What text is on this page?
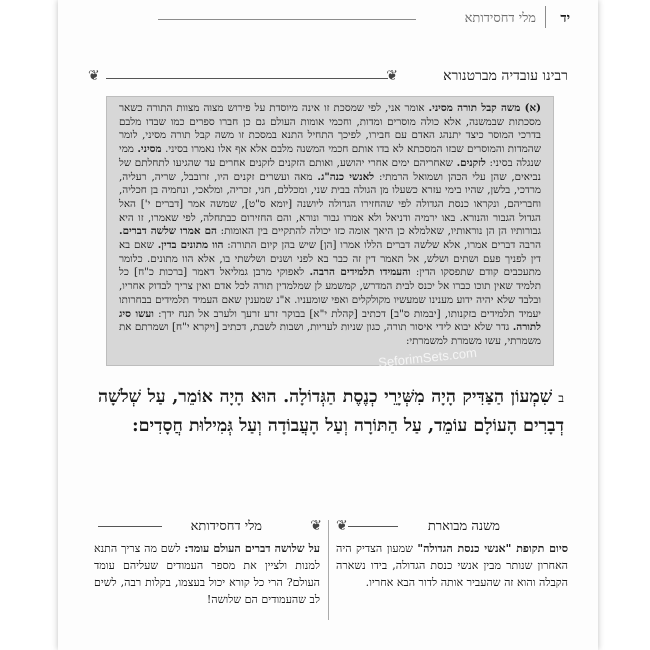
יד
מלי דחסידותא
רבינו עובדיה מברטנורא
❦	❦

(א) משה קבל תורה מסיני. אומר אני, לפי שמסכת זו אינה מיוסדת על פירוש מצוה מצוות התורה כשאר מסכתות שבמשנה, אלא כולה מוסרים ומדות, וחכמי אומות העולם גם כן חברו ספרים כמו שבדו מלבם בדרכי המוסר כיצד יתנהג האדם עם חבירו, לפיכך התחיל התנא במסכת זו משה קבל תורה מסיני, לומר שהמדות והמוסרים שבזו המסכתא לא בדו אותם חכמי המשנה מלבם אלא אף אלו נאמרו בסיני. מסיני. ממי שנגלה בסיני: לזקנים. שאחריהם ימים אחרי יהושע, ואותם הזקנים לזקנים אחרים עד שהגיעו לתחלתם של נביאים, שהן עלי הכהן ושמואל הרמתי: לאנשי כנה"ג. מאה ועשרים זקנים היו, זרובבל, שריה, רעליה, מרדכי, בלשן, שהיו בימי עזרא כשעלו מן הגולה בבית שני, ומכללם, חגי, זכריה, ומלאכי, ונחמיה בן חכליה, וחבריהם, ונקראו כנסת הגדולה לפי שהחזירו הגדולה ליושנה [יומא ס"ט], שמשה אמר [דברים י'] האל הגדול הגבור והנורא. באו ירמיה ודניאל ולא אמרו גבור ונורא, והם החזירום כבתחלה, לפי שאמרו, זו היא גבורותיו הן הן נוראותיו, שאלמלא כן היאך אומה כזו יכולה להתקיים בין האומות: הם אמרו שלשה דברים. הרבה דברים אמרו, אלא שלשה דברים הללו אמרו [הן] שיש בהן קיום התורה: הוו מתונים בדין. שאם בא דין לפניך פעם ושתים ושלש, אל תאמר דין זה כבר בא לפני ושנים ושלשתי בו, אלא הוו מתונים. כלומר מתעכבים קודם שתפסקו הדין: והעמידו תלמידים הרבה. לאפוקי מרבן גמליאל דאמר [ברכות כ"ח] כל תלמיד שאין תוכו כברו אל יכנס לבית המדרש, קמשמע לן שמלמדין תורה לכל אדם ואין צריך לבדוק אחריו, ובלבד שלא יהיה ידוע מענינו שמעשיו מקולקלים ואפי שומעניו. א"נ שמענין שאם העמיד תלמידים בבחרותו יעמיד תלמידים בזקנותו, [יבמות ס"ב] דכתיב [קהלת י"א] בבוקר זרע זרעך ולערב אל תנח ידך: ועשו סיג לתורה. גדר שלא יבוא לידי איסור תורה, כגון שניות לעריות, ושבות לשבת, דכתיב [ויקרא י"ח] ושמרתם את משמרתי, עשו משמרת למשמרתי:

SeforimSets.com
בשִׁמְעוֹן הַצַּדִּיק הָיָה מִשְּׁיָרֵי כְנֶסֶת הַגְּדוֹלָה. הוּא הָיָה אוֹמֵר, עַל שְׁלשָׁה דְבָרִים הָעוֹלָם עוֹמֵד, עַל הַתּוֹרָה וְעַל הָעֲבוֹדָה וְעַל גְּמִילוּת חֲסָדִים:
משנה מבוארת
❦
סיום תקופת "אנשי כנסת הגדולה" שמעון הצדיק היה האחרון שנותר מבין אנשי כנסת הגדולה, בידו נשארה הקבלה והוא זה שהעביר אותה לדור הבא אחריו.
מלי דחסידותא	❦
על שלושה דברים העולם עומד: לשם מה צריך התנא למנות ולציין את מספר העמודים שעליהם עומד העולם? הרי כל קורא יכול בעצמו, בקלות רבה, לשים לב שהעמודים הם שלושה!
